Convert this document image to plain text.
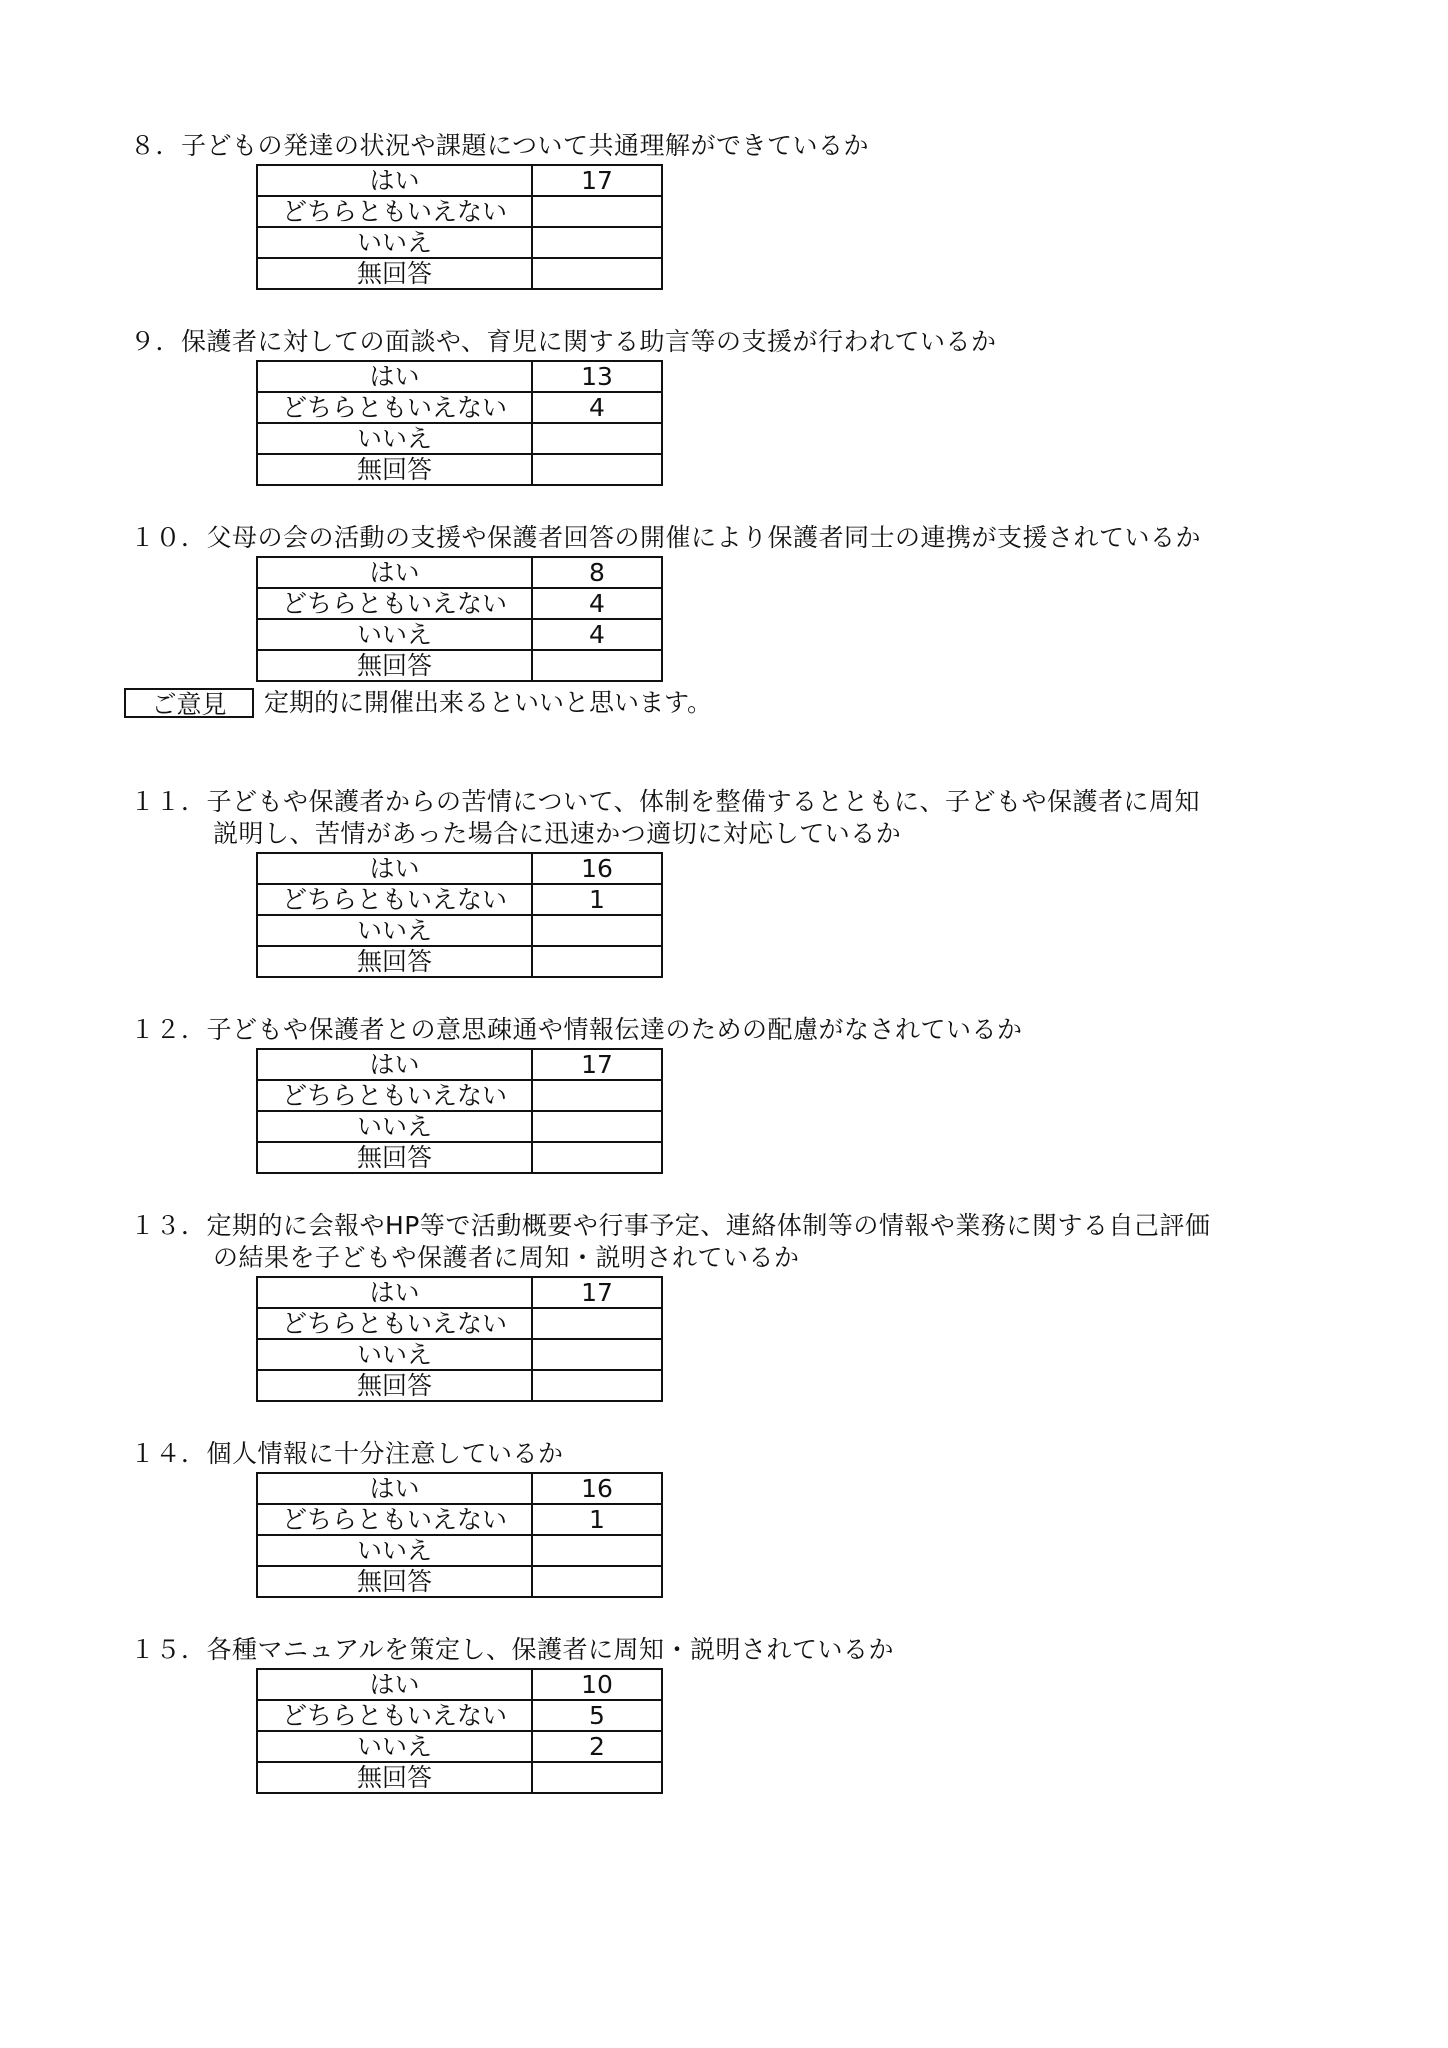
８．子どもの発達の状況や課題について共通理解ができているか
はい	17
どちらともいえない	
いいえ	
無回答	
９．保護者に対しての面談や、育児に関する助言等の支援が行われているか
はい	13
どちらともいえない	4
いいえ	
無回答	
１０．父母の会の活動の支援や保護者回答の開催により保護者同士の連携が支援されているか
はい	8
どちらともいえない	4
いいえ	4
無回答	
ご意見	定期的に開催出来るといいと思います。
１１．子どもや保護者からの苦情について、体制を整備するとともに、子どもや保護者に周知
説明し、苦情があった場合に迅速かつ適切に対応しているか
はい	16
どちらともいえない	1
いいえ	
無回答	
１２．子どもや保護者との意思疎通や情報伝達のための配慮がなされているか
はい	17
どちらともいえない	
いいえ	
無回答	
１３．定期的に会報やHP等で活動概要や行事予定、連絡体制等の情報や業務に関する自己評価
の結果を子どもや保護者に周知・説明されているか
はい	17
どちらともいえない	
いいえ	
無回答	
１４．個人情報に十分注意しているか
はい	16
どちらともいえない	1
いいえ	
無回答	
１５．各種マニュアルを策定し、保護者に周知・説明されているか
はい	10
どちらともいえない	5
いいえ	2
無回答	
